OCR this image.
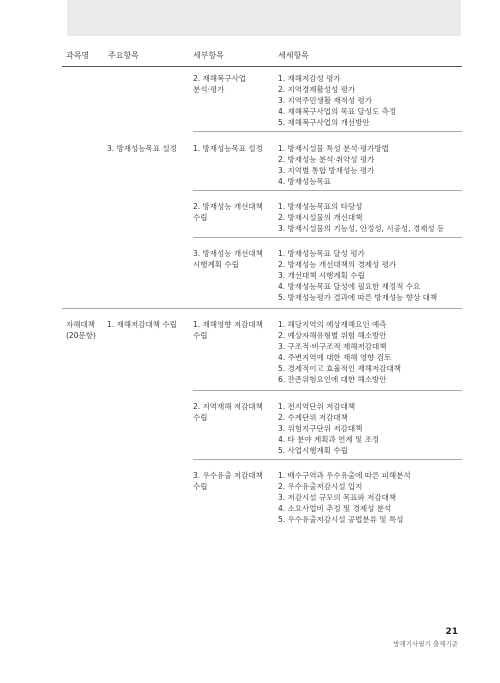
과목명 주요항목	세부항목	세세항목
2. 재해복구사업
분석·평가
1. 재해저감성 평가
2. 지역경제활성성 평가
3. 지역주민생활 재적성 평가
4. 재해복구사업의 목표 달성도 측정
5. 재해복구사업의 개선방안
3. 방재성능목표 설정 1. 방재성능목표 설정 1. 방재시설물 특성 분석·평가방법
2. 방재성능 분석·취약성 평가
3. 지역별 통합 방재성능 평가
4. 방재성능목표
2. 방재성능 개선대책
수립
1. 방재성능목표의 타당성
2. 방재시설물의 개선대책
3. 방재시설물의 기능성, 안정성, 시공성, 경제성 등
3. 방재성능 개선대책
시행계획 수립
1. 방재성능목표 달성 평가
2. 방재성능 개선대책의 경제성 평가
3. 개선대책 시행계획 수립
4. 방재성능목표 달성에 필요한 재정적 수요
5. 방재성능평가 결과에 따른 방재성능 향상 대책
자해대책
(20문항)
1. 재해저감대책 수립 1. 재해영향 저감대책
수립
1. 해당지역의 예상재해요인 예측
2. 예상자해유형별 위험 해소방안
3. 구조적·비구조적 재해저감대책
4. 주변지역에 대한 재해 영향 검토
5. 경제적이고 효율적인 재해저감대책
6. 잔존위험요인에 대한 해소방안
2. 지역재해 저감대책
수립
1. 전지역단위 저감대책
2. 수계단위 저감대책
3. 위험지구단위 저감대책
4. 타 분야 계획과 연계 및 조정
5. 사업시행계획 수립
3. 우수유출 저감대책
수립
1. 배수구역과 우수유출에 따른 피해분석
2. 우수유출저감시설 입지
3. 저감시설 규모의 목표와 저감대책
4. 소요사업비 추정 및 경제성 분석
5. 우수유출저감시설 공법분류 및 특성
21
방재기사필기 출제기준
